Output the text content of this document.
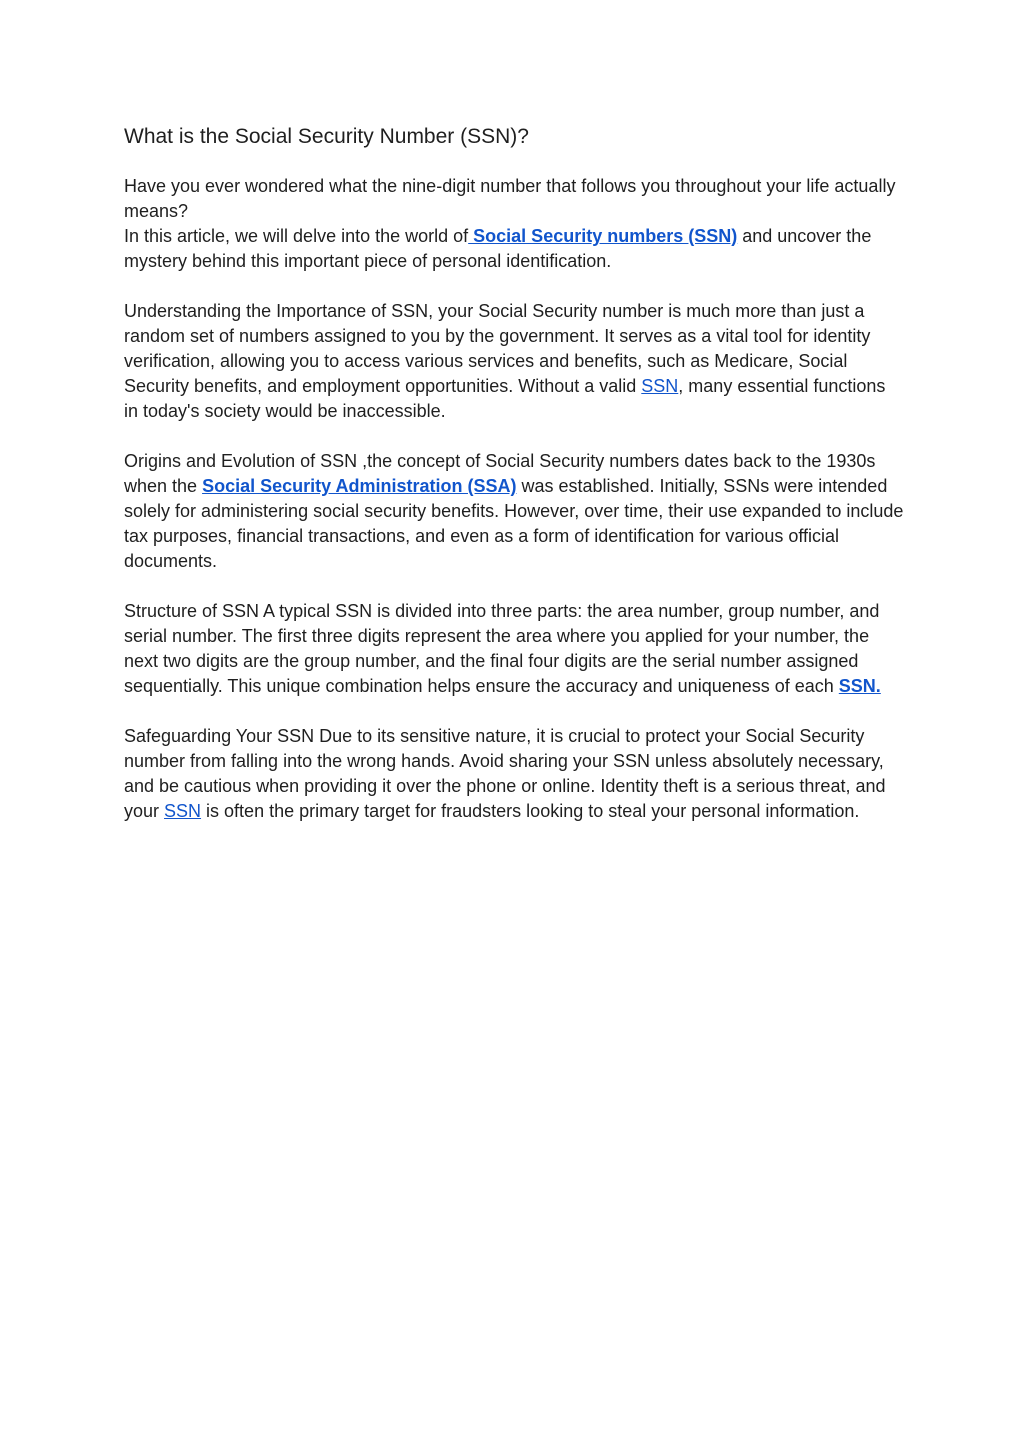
What is the Social Security Number (SSN)?

Have you ever wondered what the nine-digit number that follows you throughout your life actually means?
In this article, we will delve into the world of Social Security numbers (SSN) and uncover the mystery behind this important piece of personal identification.

Understanding the Importance of SSN, your Social Security number is much more than just a random set of numbers assigned to you by the government. It serves as a vital tool for identity verification, allowing you to access various services and benefits, such as Medicare, Social Security benefits, and employment opportunities. Without a valid SSN, many essential functions in today's society would be inaccessible.

Origins and Evolution of SSN ,the concept of Social Security numbers dates back to the 1930s when the Social Security Administration (SSA) was established. Initially, SSNs were intended solely for administering social security benefits. However, over time, their use expanded to include tax purposes, financial transactions, and even as a form of identification for various official documents.

Structure of SSN A typical SSN is divided into three parts: the area number, group number, and serial number. The first three digits represent the area where you applied for your number, the next two digits are the group number, and the final four digits are the serial number assigned sequentially. This unique combination helps ensure the accuracy and uniqueness of each SSN.

Safeguarding Your SSN Due to its sensitive nature, it is crucial to protect your Social Security number from falling into the wrong hands. Avoid sharing your SSN unless absolutely necessary, and be cautious when providing it over the phone or online. Identity theft is a serious threat, and your SSN is often the primary target for fraudsters looking to steal your personal information.
